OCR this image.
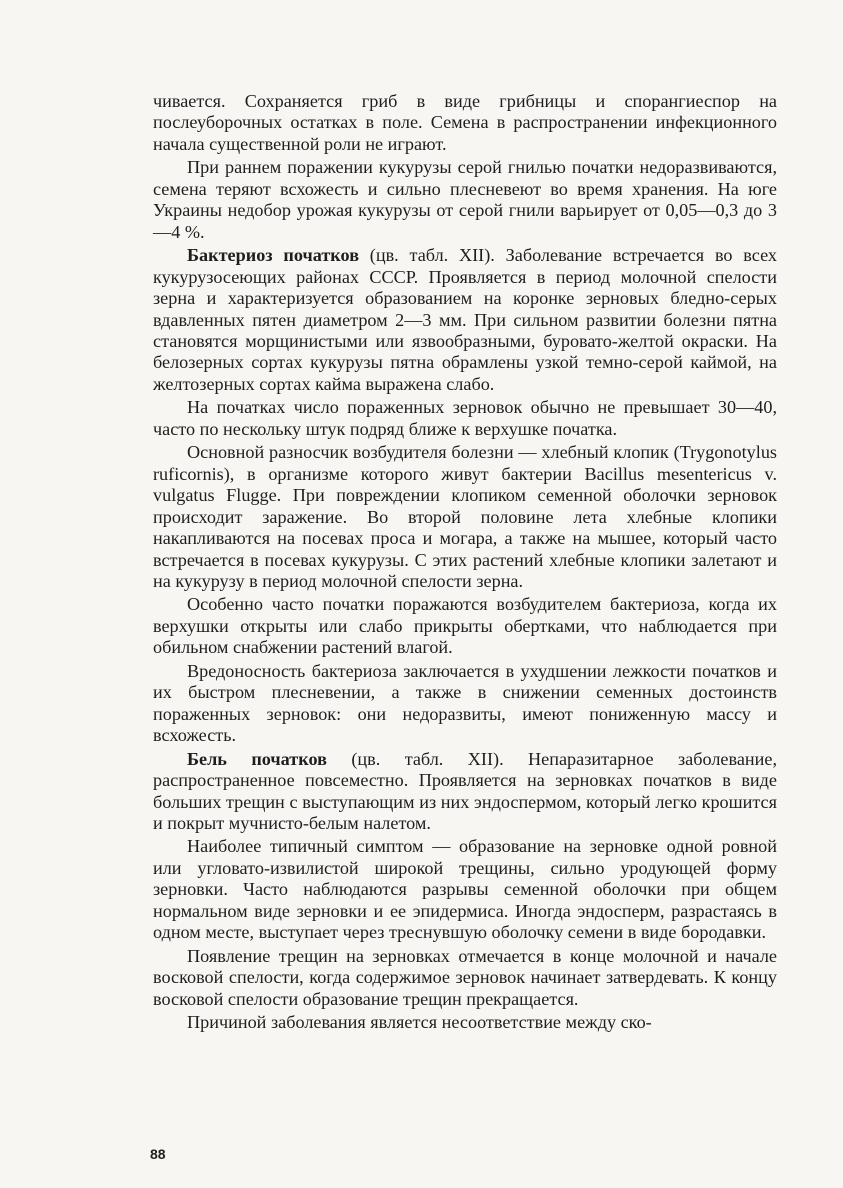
чивается. Сохраняется гриб в виде грибницы и спорангиеспор на послеуборочных остатках в поле. Семена в распространении инфекционного начала существенной роли не играют.

При раннем поражении кукурузы серой гнилью початки недоразвиваются, семена теряют всхожесть и сильно плесневеют во время хранения. На юге Украины недобор урожая кукурузы от серой гнили варьирует от 0,05—0,3 до 3—4 %.

Бактериоз початков (цв. табл. XII). Заболевание встречается во всех кукурузосеющих районах СССР. Проявляется в период молочной спелости зерна и характеризуется образованием на коронке зерновых бледно-серых вдавленных пятен диаметром 2—3 мм. При сильном развитии болезни пятна становятся морщинистыми или язвообразными, буровато-желтой окраски. На белозерных сортах кукурузы пятна обрамлены узкой темно-серой каймой, на желтозерных сортах кайма выражена слабо.

На початках число пораженных зерновок обычно не превышает 30—40, часто по нескольку штук подряд ближе к верхушке початка.

Основной разносчик возбудителя болезни — хлебный клопик (Trygonotylus ruficornis), в организме которого живут бактерии Bacillus mesentericus v. vulgatus Flugge. При повреждении клопиком семенной оболочки зерновок происходит заражение. Во второй половине лета хлебные клопики накапливаются на посевах проса и могара, а также на мышее, который часто встречается в посевах кукурузы. С этих растений хлебные клопики залетают и на кукурузу в период молочной спелости зерна.

Особенно часто початки поражаются возбудителем бактериоза, когда их верхушки открыты или слабо прикрыты обертками, что наблюдается при обильном снабжении растений влагой.

Вредоносность бактериоза заключается в ухудшении лежкости початков и их быстром плесневении, а также в снижении семенных достоинств пораженных зерновок: они недоразвиты, имеют пониженную массу и всхожесть.

Бель початков (цв. табл. XII). Непаразитарное заболевание, распространенное повсеместно. Проявляется на зерновках початков в виде больших трещин с выступающим из них эндоспермом, который легко крошится и покрыт мучнисто-белым налетом.

Наиболее типичный симптом — образование на зерновке одной ровной или угловато-извилистой широкой трещины, сильно уродующей форму зерновки. Часто наблюдаются разрывы семенной оболочки при общем нормальном виде зерновки и ее эпидермиса. Иногда эндосперм, разрастаясь в одном месте, выступает через треснувшую оболочку семени в виде бородавки.

Появление трещин на зерновках отмечается в конце молочной и начале восковой спелости, когда содержимое зерновок начинает затвердевать. К концу восковой спелости образование трещин прекращается.

Причиной заболевания является несоответствие между ско-

88
